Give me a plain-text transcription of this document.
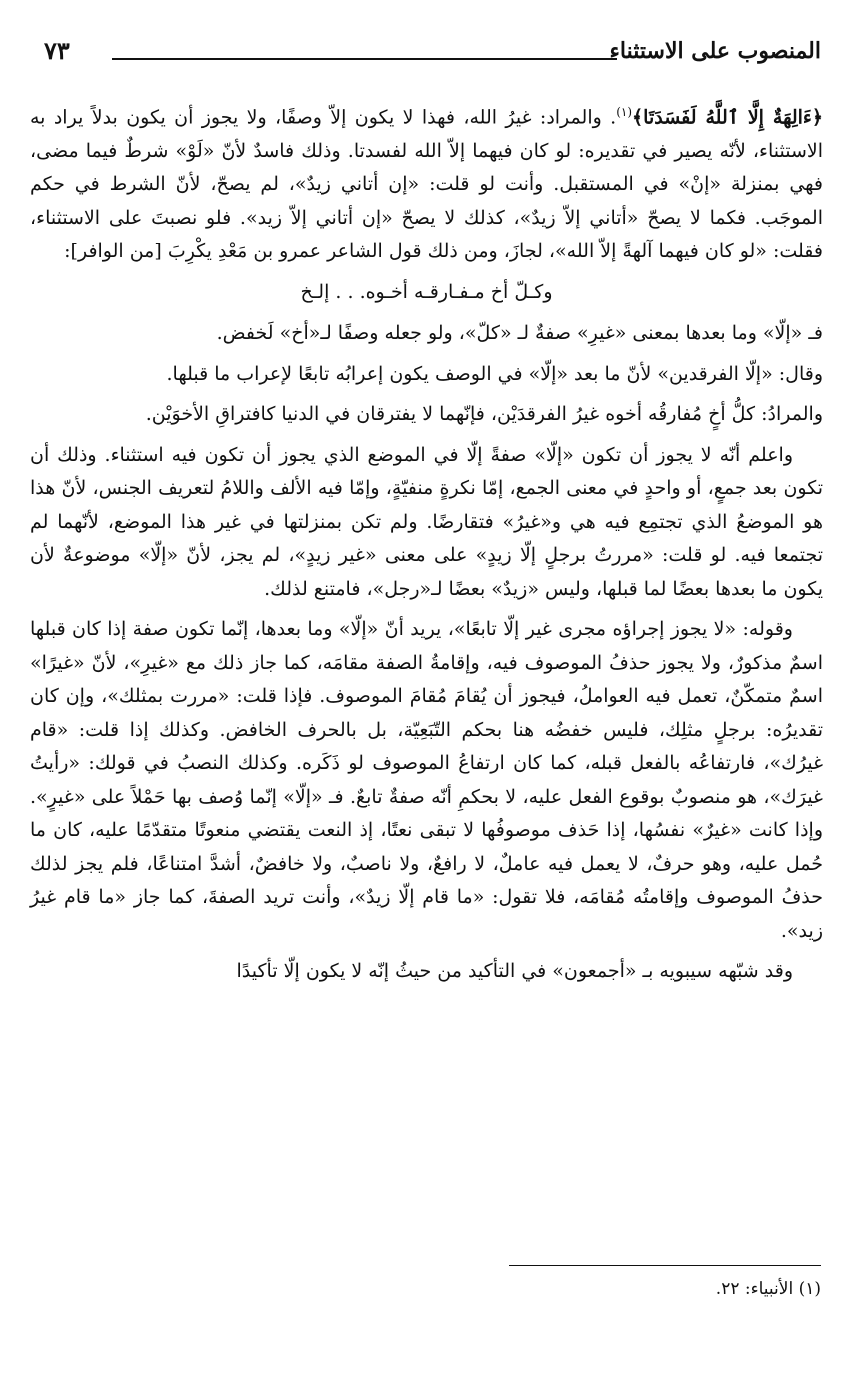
المنصوب على الاستثناء
٧٣

﴿ءَالِهَةٌ إِلَّا ٱللَّهُ لَفَسَدَتَا﴾$^{(١)}$. والمراد: غيرُ الله، فهذا لا يكون إلاّ وصفًا، ولا يجوز أن يكون بدلاً يراد به الاستثناء، لأنّه يصير في تقديره: لو كان فيهما إلاّ الله لفسدتا. وذلك فاسدٌ لأنّ «لَوْ» شرطٌ فيما مضى، فهي بمنزلة «إنْ» في المستقبل. وأنت لو قلت: «إن أتاني زيدٌ»، لم يصحّ، لأنّ الشرط في حكم الموجَب. فكما لا يصحّ «أتاني إلاّ زيدٌ»، كذلك لا يصحّ «إن أتاني إلاّ زيد». فلو نصبتَ على الاستثناء، فقلت: «لو كان فيهما آلهةً إلاّ الله»، لجازَ، ومن ذلك قول الشاعر عمرو بن مَعْدِ يكْرِبَ [من الوافر]:

وكـلّ أخ مـفـارقـه أخـوه. . . إلـخ

فـ «إلّا» وما بعدها بمعنى «غيرِ» صفةٌ لـ «كلّ»، ولو جعله وصفًا لـ«أخ» لَخفض.

وقال: «إلّا الفرقدين» لأنّ ما بعد «إلّا» في الوصف يكون إعرابُه تابعًا لإعراب ما قبلها.

والمرادُ: كلُّ أخٍ مُفارقُه أخوه غيرُ الفرقدَيْن، فإنّهما لا يفترقان في الدنيا كافتراقِ الأخوَيْن.

واعلم أنّه لا يجوز أن تكون «إلّا» صفةً إلّا في الموضع الذي يجوز أن تكون فيه استثناء. وذلك أن تكون بعد جمعٍ، أو واحدٍ في معنى الجمع، إمّا نكرةٍ منفيّةٍ، وإمّا فيه الألف واللامُ لتعريف الجنس، لأنّ هذا هو الموضعُ الذي تجتمِع فيه هي و«غيرُ» فتقارضًا. ولم تكن بمنزلتها في غير هذا الموضع، لأنّهما لم تجتمعا فيه. لو قلت: «مررتُ برجلٍ إلّا زيدٍ» على معنى «غير زيدٍ»، لم يجز، لأنّ «إلّا» موضوعةٌ لأن يكون ما بعدها بعضًا لما قبلها، وليس «زيدٌ» بعضًا لـ«رجل»، فامتنع لذلك.

وقوله: «لا يجوز إجراؤه مجرى غير إلّا تابعًا»، يريد أنّ «إلّا» وما بعدها، إنّما تكون صفة إذا كان قبلها اسمٌ مذكورٌ، ولا يجوز حذفُ الموصوف فيه، وإقامةُ الصفة مقامَه، كما جاز ذلك مع «غيرِ»، لأنّ «غيرًا» اسمٌ متمكّنٌ، تعمل فيه العواملُ، فيجوز أن يُقامَ مُقامَ الموصوف. فإذا قلت: «مررت بمثلك»، وإن كان تقديرُه: برجلٍ مثلِك، فليس خفضُه هنا بحكم التّبَعِيّة، بل بالحرف الخافض. وكذلك إذا قلت: «قام غيرُك»، فارتفاعُه بالفعل قبله، كما كان ارتفاعُ الموصوف لو ذَكَره. وكذلك النصبُ في قولك: «رأيتُ غيرَك»، هو منصوبٌ بوقوع الفعل عليه، لا بحكمِ أنّه صفةٌ تابعٌ. فـ «إلّا» إنّما وُصف بها حَمْلاً على «غيرٍ». وإذا كانت «غيرٌ» نفسُها، إذا حَذف موصوفُها لا تبقى نعتًا، إذ النعت يقتضي منعوتًا متقدّمًا عليه، كان ما حُمل عليه، وهو حرفٌ، لا يعمل فيه عاملٌ، لا رافعٌ، ولا ناصبٌ، ولا خافضٌ، أشدَّ امتناعًا، فلم يجز لذلك حذفُ الموصوف وإقامتُه مُقامَه، فلا تقول: «ما قام إلّا زيدٌ»، وأنت تريد الصفةَ، كما جاز «ما قام غيرُ زيد».

وقد شبّهه سيبويه بـ «أجمعون» في التأكيد من حيثُ إنّه لا يكون إلّا تأكيدًا

(١) الأنبياء: ٢٢.
